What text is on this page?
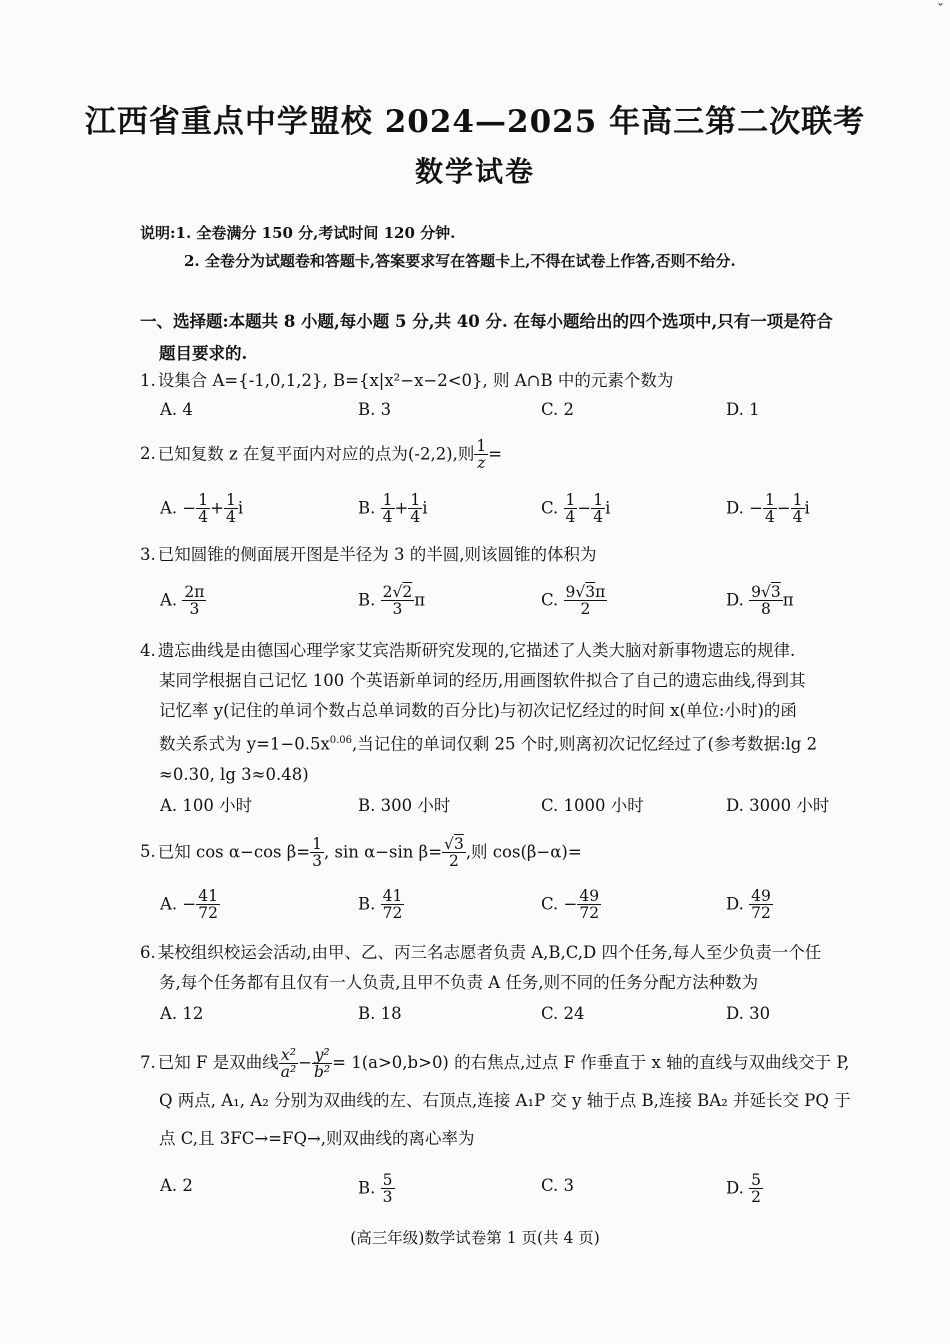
ˇ
江西省重点中学盟校 2024—2025 年高三第二次联考
数学试卷
说明:1. 全卷满分 150 分,考试时间 120 分钟.
2. 全卷分为试题卷和答题卡,答案要求写在答题卡上,不得在试卷上作答,否则不给分.
一、选择题:本题共 8 小题,每小题 5 分,共 40 分. 在每小题给出的四个选项中,只有一项是符合
题目要求的.
1. 设集合 A={-1,0,1,2}, B={x|x²−x−2<0}, 则 A∩B 中的元素个数为
A. 4	B. 3	C. 2	D. 1
2. 已知复数 z 在复平面内对应的点为(-2,2),则 $\frac{1}{z}$ =
A. − $\frac{1}{4} + \frac{1}{4}$ i	B. $\frac{1}{4} + \frac{1}{4}$ i	C. $\frac{1}{4} - \frac{1}{4}$ i	D. − $\frac{1}{4} - \frac{1}{4}$ i
3. 已知圆锥的侧面展开图是半径为 3 的半圆,则该圆锥的体积为
A. $\frac{2\pi}{3}$	B. $\frac{2√2}{3}$ π	C. $\frac{9√3\pi}{2}$	D. $\frac{9√3}{8}$ π
4. 遗忘曲线是由德国心理学家艾宾浩斯研究发现的,它描述了人类大脑对新事物遗忘的规律.
某同学根据自己记忆 100 个英语新单词的经历,用画图软件拟合了自己的遗忘曲线,得到其
记忆率 y(记住的单词个数占总单词数的百分比)与初次记忆经过的时间 x(单位:小时)的函
数关系式为 $y=1-0.5x^{0.06}$,当记住的单词仅剩 25 个时,则离初次记忆经过了(参考数据:lg 2
≈0.30, lg 3≈0.48)
A. 100 小时	B. 300 小时	C. 1000 小时	D. 3000 小时
5. 已知 cos α−cos $\beta= \frac{1}{3}$ , sin α−sin $\beta= \frac{√3}{2}$ ,则 cos(β−α)=
A. − $\frac{41}{72}$	B. $\frac{41}{72}$	C. − $\frac{49}{72}$	D. $\frac{49}{72}$
6. 某校组织校运会活动,由甲、乙、丙三名志愿者负责 A,B,C,D 四个任务,每人至少负责一个任
务,每个任务都有且仅有一人负责,且甲不负责 A 任务,则不同的任务分配方法种数为
A. 12	B. 18	C. 24	D. 30
7. 已知 F 是双曲线 $\frac{\text{x²}}{\text{a²}} - \frac{\text{y²}}{\text{b²}} = 1(a>0,b>0)$ 的右焦点,过点 F 作垂直于 x 轴的直线与双曲线交于 P,
Q 两点, A₁, A₂ 分别为双曲线的左、右顶点,连接 A₁P 交 y 轴于点 B,连接 BA₂ 并延长交 PQ 于
点 C,且 3FC→=FQ→,则双曲线的离心率为
A. 2	B. $\frac{5}{3}$	C. 3	D. $\frac{5}{2}$
(高三年级)数学试卷第 1 页(共 4 页)
